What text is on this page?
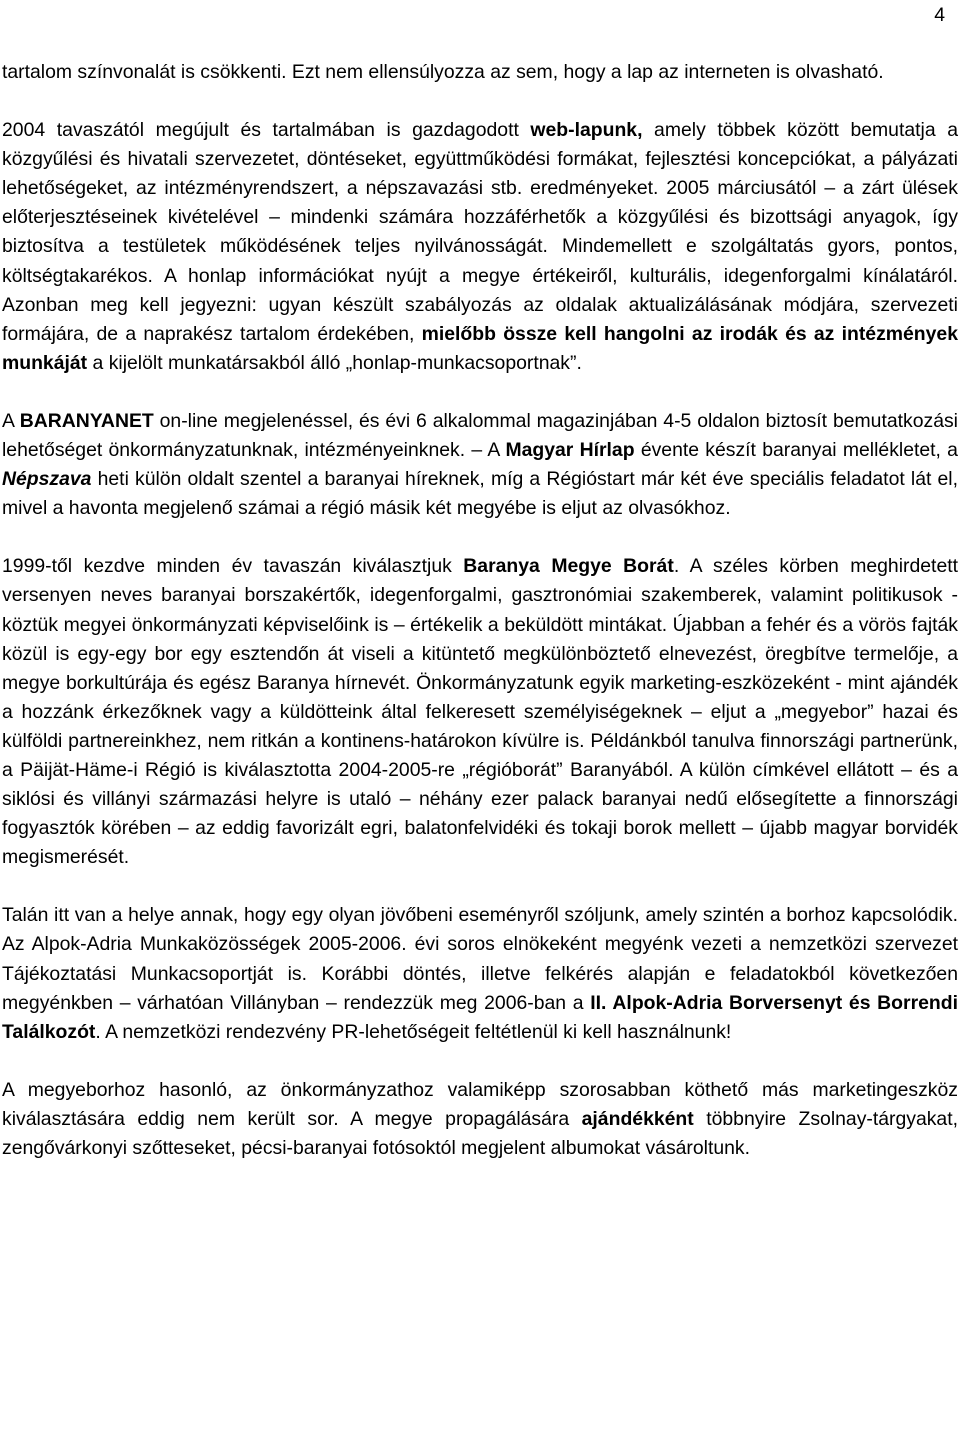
4

tartalom színvonalát is csökkenti. Ezt nem ellensúlyozza az sem, hogy a lap az interneten is olvasható.

2004 tavaszától megújult és tartalmában is gazdagodott web-lapunk, amely többek között bemutatja a közgyűlési és hivatali szervezetet, döntéseket, együttműködési formákat, fejlesztési koncepciókat, a pályázati lehetőségeket, az intézményrendszert, a népszavazási stb. eredményeket. 2005 márciusától – a zárt ülések előterjesztéseinek kivételével – mindenki számára hozzáférhetők a közgyűlési és bizottsági anyagok, így biztosítva a testületek működésének teljes nyilvánosságát. Mindemellett e szolgáltatás gyors, pontos, költségtakarékos. A honlap információkat nyújt a megye értékeiről, kulturális, idegenforgalmi kínálatáról. Azonban meg kell jegyezni: ugyan készült szabályozás az oldalak aktualizálásának módjára, szervezeti formájára, de a naprakész tartalom érdekében, mielőbb össze kell hangolni az irodák és az intézmények munkáját a kijelölt munkatársakból álló „honlap-munkacsoportnak”.

A BARANYANET on-line megjelenéssel, és évi 6 alkalommal magazinjában 4-5 oldalon biztosít bemutatkozási lehetőséget önkormányzatunknak, intézményeinknek. – A Magyar Hírlap évente készít baranyai mellékletet, a Népszava heti külön oldalt szentel a baranyai híreknek, míg a Régióstart már két éve speciális feladatot lát el, mivel a havonta megjelenő számai a régió másik két megyébe is eljut az olvasókhoz.

1999-től kezdve minden év tavaszán kiválasztjuk Baranya Megye Borát. A széles körben meghirdetett versenyen neves baranyai borszakértők, idegenforgalmi, gasztronómiai szakemberek, valamint politikusok - köztük megyei önkormányzati képviselőink is – értékelik a beküldött mintákat. Újabban a fehér és a vörös fajták közül is egy-egy bor egy esztendőn át viseli a kitüntető megkülönböztető elnevezést, öregbítve termelője, a megye borkultúrája és egész Baranya hírnevét. Önkormányzatunk egyik marketing-eszközeként - mint ajándék a hozzánk érkezőknek vagy a küldötteink által felkeresett személyiségeknek – eljut a „megyebor” hazai és külföldi partnereinkhez, nem ritkán a kontinens-határokon kívülre is. Példánkból tanulva finnországi partnerünk, a Päijät-Häme-i Régió is kiválasztotta 2004-2005-re „régióborát” Baranyából. A külön címkével ellátott – és a siklósi és villányi származási helyre is utaló – néhány ezer palack baranyai nedű elősegítette a finnországi fogyasztók körében – az eddig favorizált egri, balatonfelvidéki és tokaji borok mellett – újabb magyar borvidék megismerését.

Talán itt van a helye annak, hogy egy olyan jövőbeni eseményről szóljunk, amely szintén a borhoz kapcsolódik. Az Alpok-Adria Munkaközösségek 2005-2006. évi soros elnökeként megyénk vezeti a nemzetközi szervezet Tájékoztatási Munkacsoportját is. Korábbi döntés, illetve felkérés alapján e feladatokból következően megyénkben – várhatóan Villányban – rendezzük meg 2006-ban a II. Alpok-Adria Borversenyt és Borrendi Találkozót. A nemzetközi rendezvény PR-lehetőségeit feltétlenül ki kell használnunk!

A megyeborhoz hasonló, az önkormányzathoz valamiképp szorosabban köthető más marketingeszköz kiválasztására eddig nem került sor. A megye propagálására ajándékként többnyire Zsolnay-tárgyakat, zengővárkonyi szőtteseket, pécsi-baranyai fotósoktól megjelent albumokat vásároltunk.
